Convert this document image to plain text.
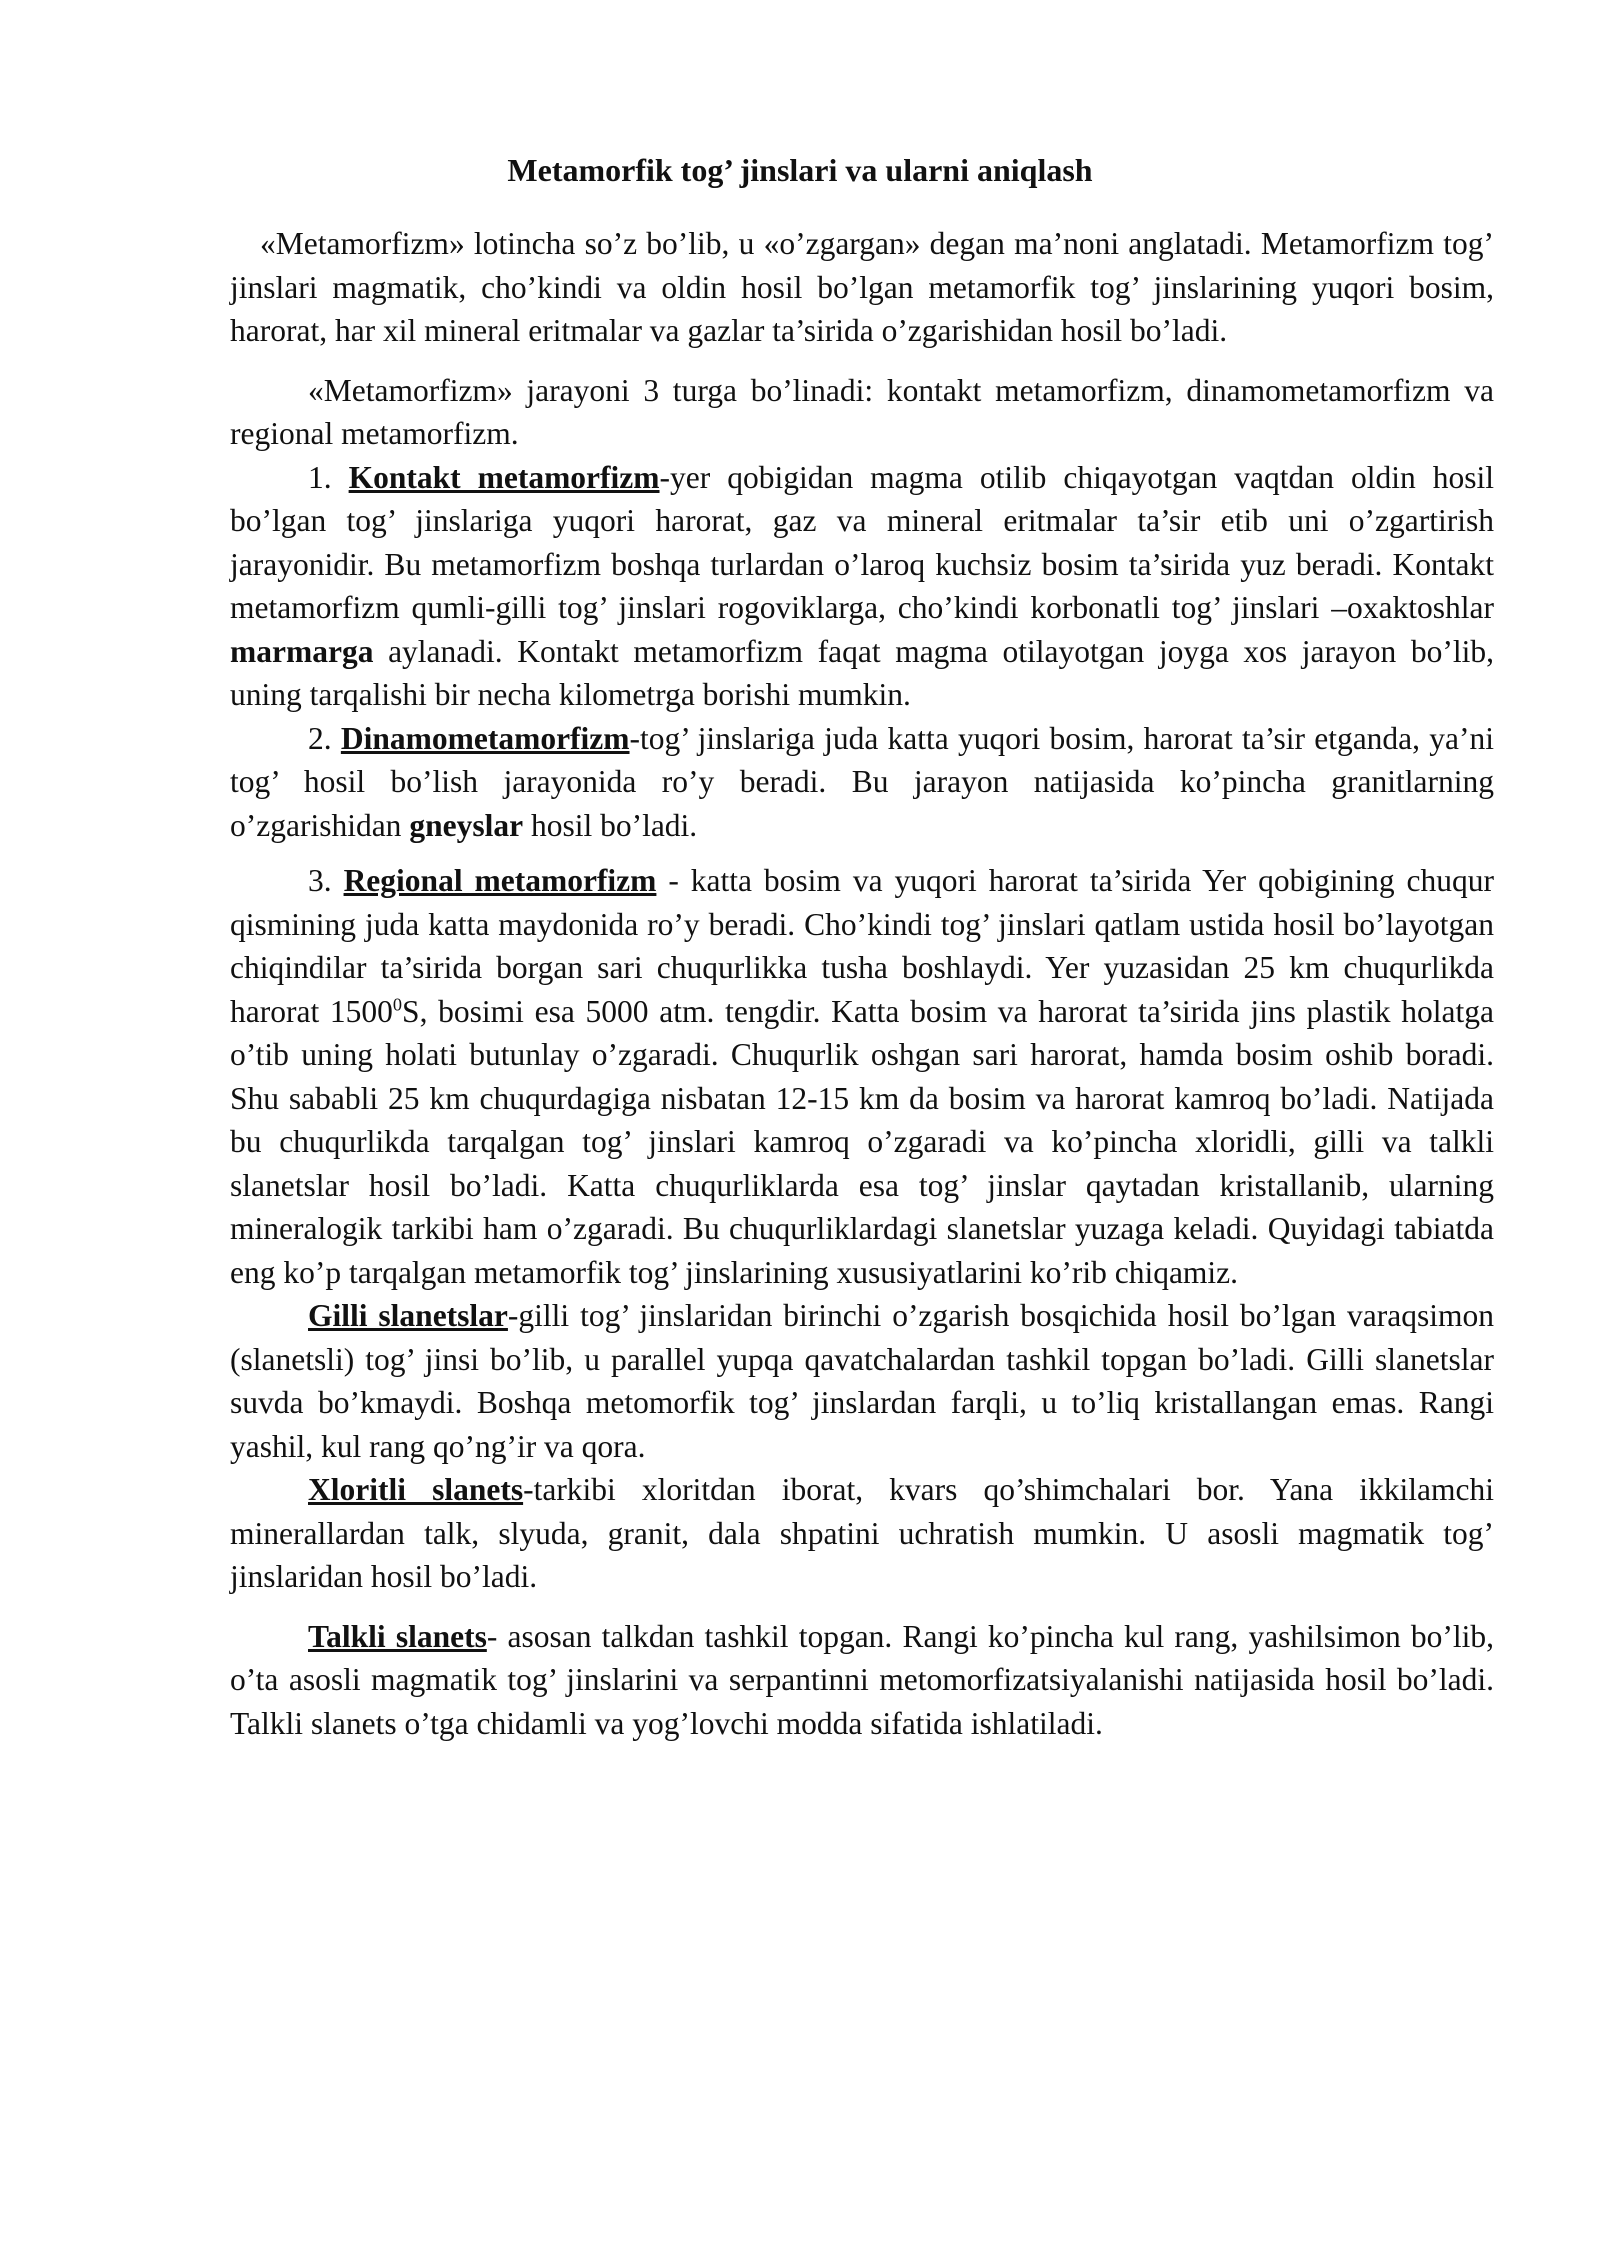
Metamorfik tog’ jinslari va ularni aniqlash

«Metamorfizm» lotincha so’z bo’lib, u «o’zgargan» degan ma’noni anglatadi. Metamorfizm tog’ jinslari magmatik, cho’kindi va oldin hosil bo’lgan metamorfik tog’ jinslarining yuqori bosim, harorat, har xil mineral eritmalar va gazlar ta’sirida o’zgarishidan hosil bo’ladi.

«Metamorfizm» jarayoni 3 turga bo’linadi: kontakt metamorfizm, dinamometamorfizm va regional metamorfizm.

1. Kontakt metamorfizm-yer qobigidan magma otilib chiqayotgan vaqtdan oldin hosil bo’lgan tog’ jinslariga yuqori harorat, gaz va mineral eritmalar ta’sir etib uni o’zgartirish jarayonidir. Bu metamorfizm boshqa turlardan o’laroq kuchsiz bosim ta’sirida yuz beradi. Kontakt metamorfizm qumli-gilli tog’ jinslari rogoviklarga, cho’kindi korbonatli tog’ jinslari –oxaktoshlar marmarga aylanadi. Kontakt metamorfizm faqat magma otilayotgan joyga xos jarayon bo’lib, uning tarqalishi bir necha kilometrga borishi mumkin.

2. Dinamometamorfizm-tog’ jinslariga juda katta yuqori bosim, harorat ta’sir etganda, ya’ni tog’ hosil bo’lish jarayonida ro’y beradi. Bu jarayon natijasida ko’pincha granitlarning o’zgarishidan gneyslar hosil bo’ladi.

3. Regional metamorfizm - katta bosim va yuqori harorat ta’sirida Yer qobigining chuqur qismining juda katta maydonida ro’y beradi. Cho’kindi tog’ jinslari qatlam ustida hosil bo’layotgan chiqindilar ta’sirida borgan sari chuqurlikka tusha boshlaydi. Yer yuzasidan 25 km chuqurlikda harorat 1500$^0$S, bosimi esa 5000 atm. tengdir. Katta bosim va harorat ta’sirida jins plastik holatga o’tib uning holati butunlay o’zgaradi. Chuqurlik oshgan sari harorat, hamda bosim oshib boradi. Shu sababli 25 km chuqurdagiga nisbatan 12-15 km da bosim va harorat kamroq bo’ladi. Natijada bu chuqurlikda tarqalgan tog’ jinslari kamroq o’zgaradi va ko’pincha xloridli, gilli va talkli slanetslar hosil bo’ladi. Katta chuqurliklarda esa tog’ jinslar qaytadan kristallanib, ularning mineralogik tarkibi ham o’zgaradi. Bu chuqurliklardagi slanetslar yuzaga keladi. Quyidagi tabiatda eng ko’p tarqalgan metamorfik tog’ jinslarining xususiyatlarini ko’rib chiqamiz.

Gilli slanetslar-gilli tog’ jinslaridan birinchi o’zgarish bosqichida hosil bo’lgan varaqsimon (slanetsli) tog’ jinsi bo’lib, u parallel yupqa qavatchalardan tashkil topgan bo’ladi. Gilli slanetslar suvda bo’kmaydi. Boshqa metomorfik tog’ jinslardan farqli, u to’liq kristallangan emas. Rangi yashil, kul rang qo’ng’ir va qora.

Xloritli slanets-tarkibi xloritdan iborat, kvars qo’shimchalari bor. Yana ikkilamchi minerallardan talk, slyuda, granit, dala shpatini uchratish mumkin. U asosli magmatik tog’ jinslaridan hosil bo’ladi.

Talkli slanets- asosan talkdan tashkil topgan. Rangi ko’pincha kul rang, yashilsimon bo’lib, o’ta asosli magmatik tog’ jinslarini va serpantinni metomorfizatsiyalanishi natijasida hosil bo’ladi. Talkli slanets o’tga chidamli va yog’lovchi modda sifatida ishlatiladi.
